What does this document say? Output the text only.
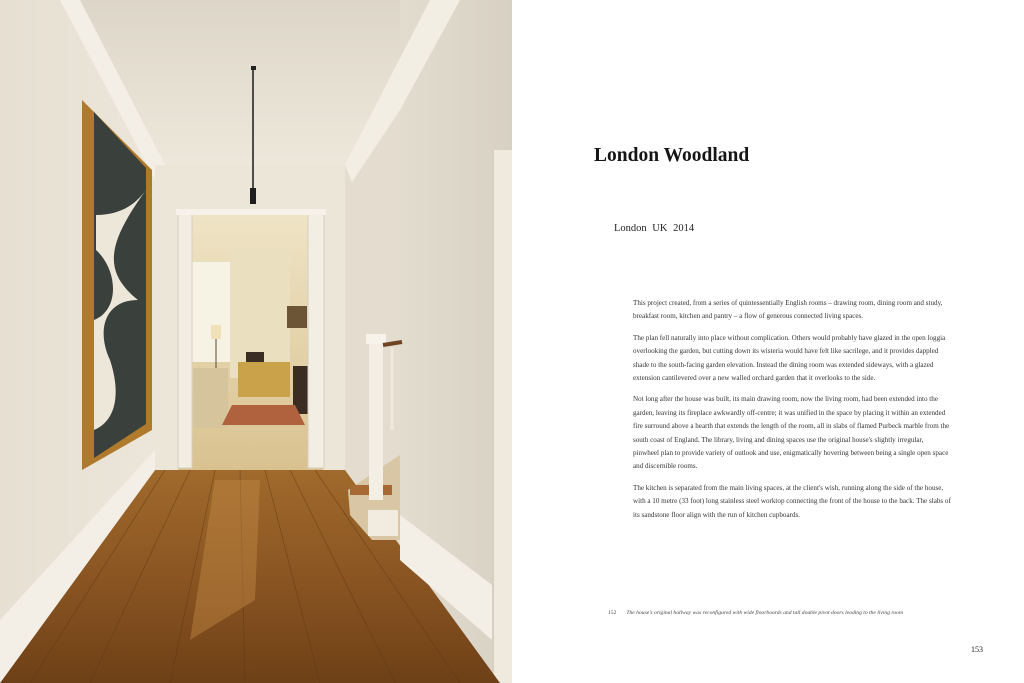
London Woodland
London UK 2014

This project created, from a series of quintessentially English rooms – drawing room, dining room and study, breakfast room, kitchen and pantry – a flow of generous connected living spaces.

The plan fell naturally into place without complication. Others would probably have glazed in the open loggia overlooking the garden, but cutting down its wisteria would have felt like sacrilege, and it provides dappled shade to the south-facing garden elevation. Instead the dining room was extended sideways, with a glazed extension cantilevered over a new walled orchard garden that it overlooks to the side.

Not long after the house was built, its main drawing room, now the living room, had been extended into the garden, leaving its fireplace awkwardly off-centre; it was unified in the space by placing it within an extended fire surround above a hearth that extends the length of the room, all in slabs of flamed Purbeck marble from the south coast of England. The library, living and dining spaces use the original house's slightly irregular, pinwheel plan to provide variety of outlook and use, enigmatically hovering between being a single open space and discernible rooms.

The kitchen is separated from the main living spaces, at the client's wish, running along the side of the house, with a 10 metre (33 foot) long stainless steel worktop connecting the front of the house to the back. The slabs of its sandstone floor align with the run of kitchen cupboards.

152 The house's original hallway was reconfigured with wide floorboards and tall double pivot doors leading to the living room
153
